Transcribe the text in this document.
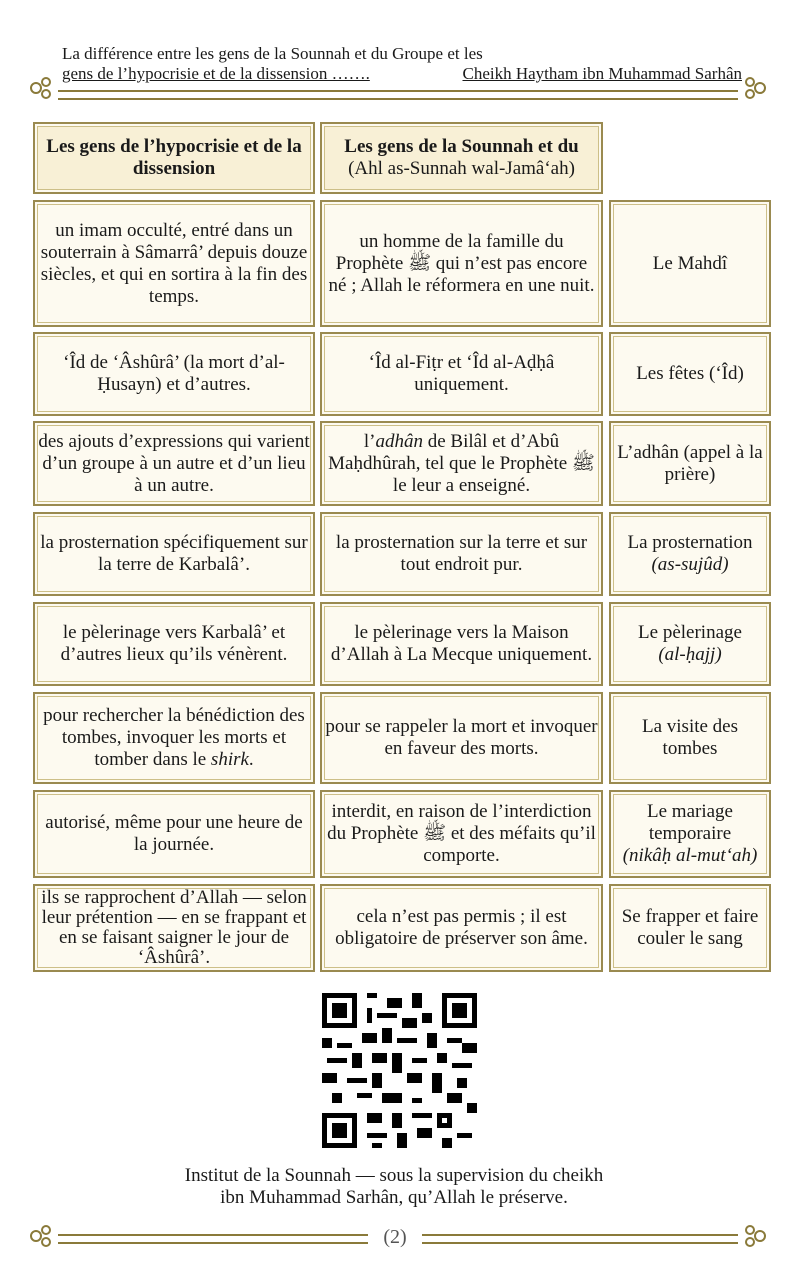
La différence entre les gens de la Sounnah et du Groupe et les
gens de l’hypocrisie et de la dissension …….	Cheikh Haytham ibn Muhammad Sarhân
Les gens de l’hypocrisie et de la dissension
Les gens de la Sounnah et du
(Ahl as-Sunnah wal-Jamâ‘ah)
un imam occulté, entré dans un souterrain à Sâmarrâ’ depuis douze siècles, et qui en sortira à la fin des temps.
un homme de la famille du Prophète ﷺ qui n’est pas encore né ; Allah le réformera en une nuit.
Le Mahdî
‘Îd de ‘Âshûrâ’ (la mort d’al-Ḥusayn) et d’autres.
‘Îd al-Fiṭr et ‘Îd al-Aḍḥâ uniquement.
Les fêtes (‘Îd)
des ajouts d’expressions qui varient d’un groupe à un autre et d’un lieu à un autre.
l’adhân de Bilâl et d’Abû Maḥdhûrah, tel que le Prophète ﷺ le leur a enseigné.
L’adhân (appel à la prière)
la prosternation spécifiquement sur la terre de Karbalâ’.
la prosternation sur la terre et sur tout endroit pur.
La prosternation
(as-sujûd)
le pèlerinage vers Karbalâ’ et d’autres lieux qu’ils vénèrent.
le pèlerinage vers la Maison d’Allah à La Mecque uniquement.
Le pèlerinage
(al-ḥajj)
pour rechercher la bénédiction des tombes, invoquer les morts et tomber dans le shirk.
pour se rappeler la mort et invoquer en faveur des morts.
La visite des tombes
autorisé, même pour une heure de la journée.
interdit, en raison de l’interdiction du Prophète ﷺ et des méfaits qu’il comporte.
Le mariage temporaire
(nikâḥ al-mut‘ah)
ils se rapprochent d’Allah — selon leur prétention — en se frappant et en se faisant saigner le jour de ‘Âshûrâ’.
cela n’est pas permis ; il est obligatoire de préserver son âme.
Se frapper et faire couler le sang
Institut de la Sounnah — sous la supervision du cheikh
ibn Muhammad Sarhân, qu’Allah le préserve.
(2)
